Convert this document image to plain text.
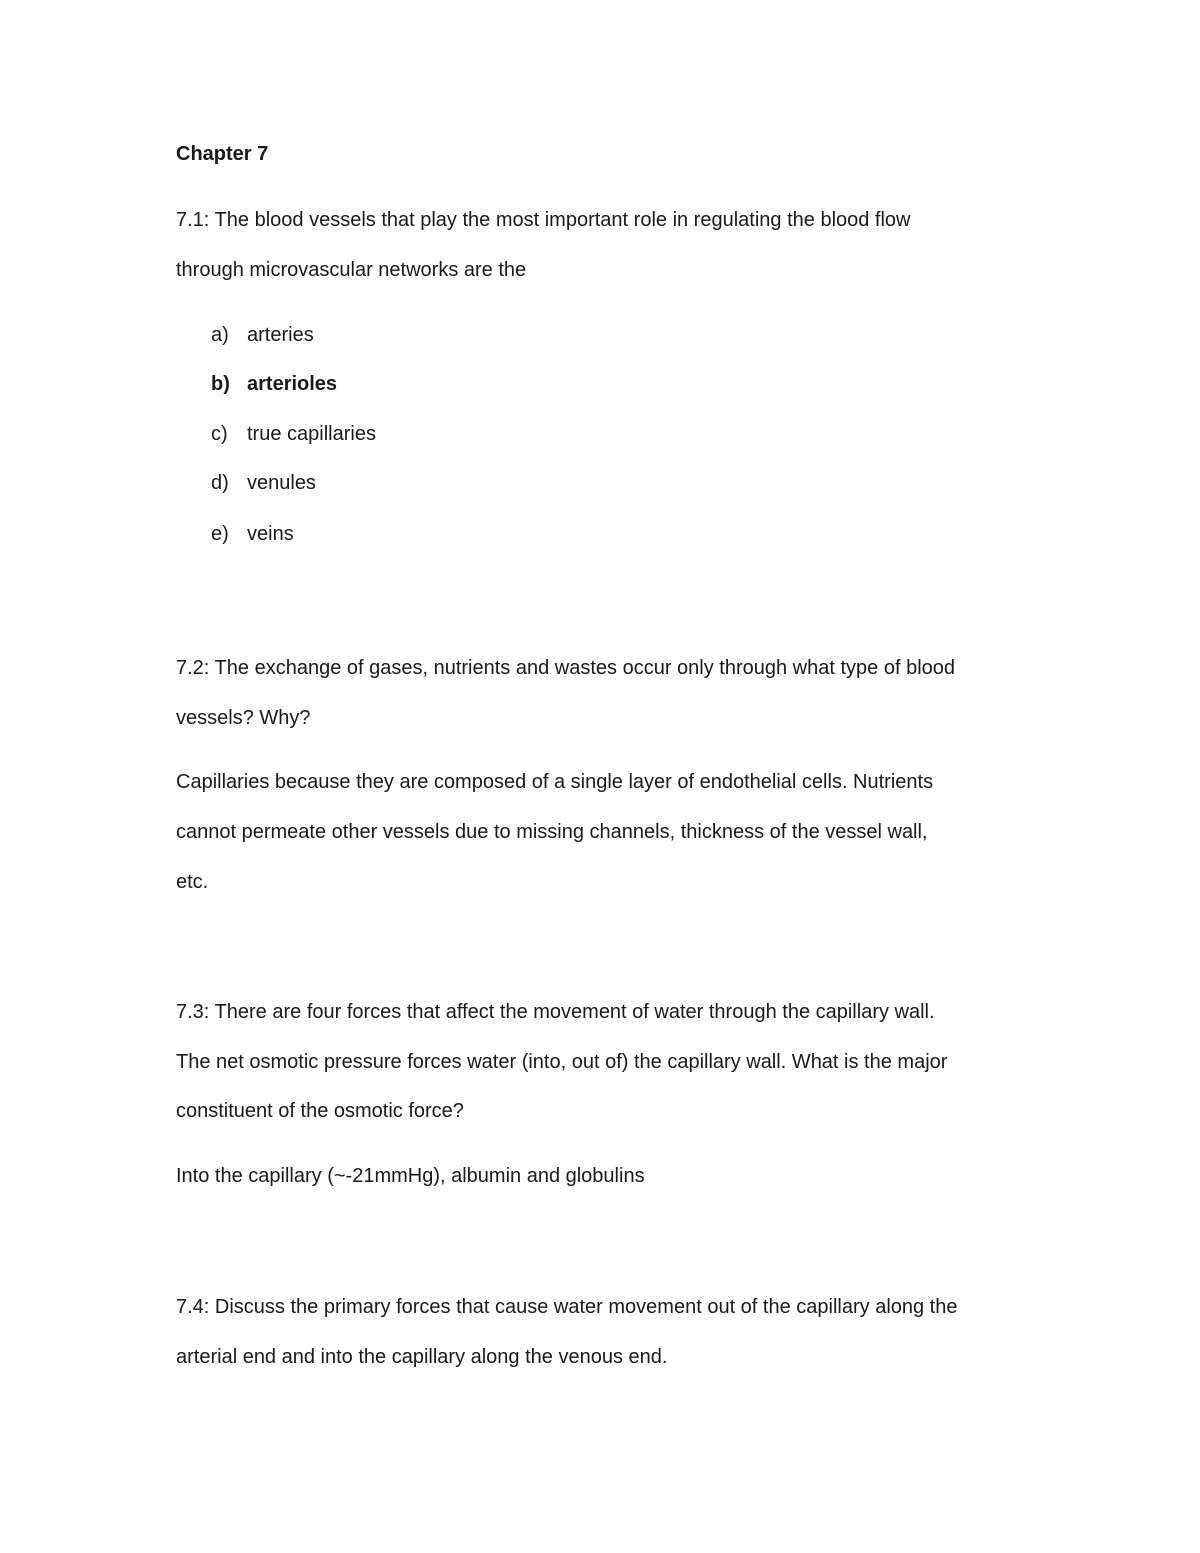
Chapter 7
7.1: The blood vessels that play the most important role in regulating the blood flow
through microvascular networks are the
a) arteries
b) arterioles
c) true capillaries
d) venules
e) veins
7.2: The exchange of gases, nutrients and wastes occur only through what type of blood
vessels? Why?
Capillaries because they are composed of a single layer of endothelial cells. Nutrients
cannot permeate other vessels due to missing channels, thickness of the vessel wall,
etc.
7.3: There are four forces that affect the movement of water through the capillary wall.
The net osmotic pressure forces water (into, out of) the capillary wall. What is the major
constituent of the osmotic force?
Into the capillary (~-21mmHg), albumin and globulins
7.4: Discuss the primary forces that cause water movement out of the capillary along the
arterial end and into the capillary along the venous end.
